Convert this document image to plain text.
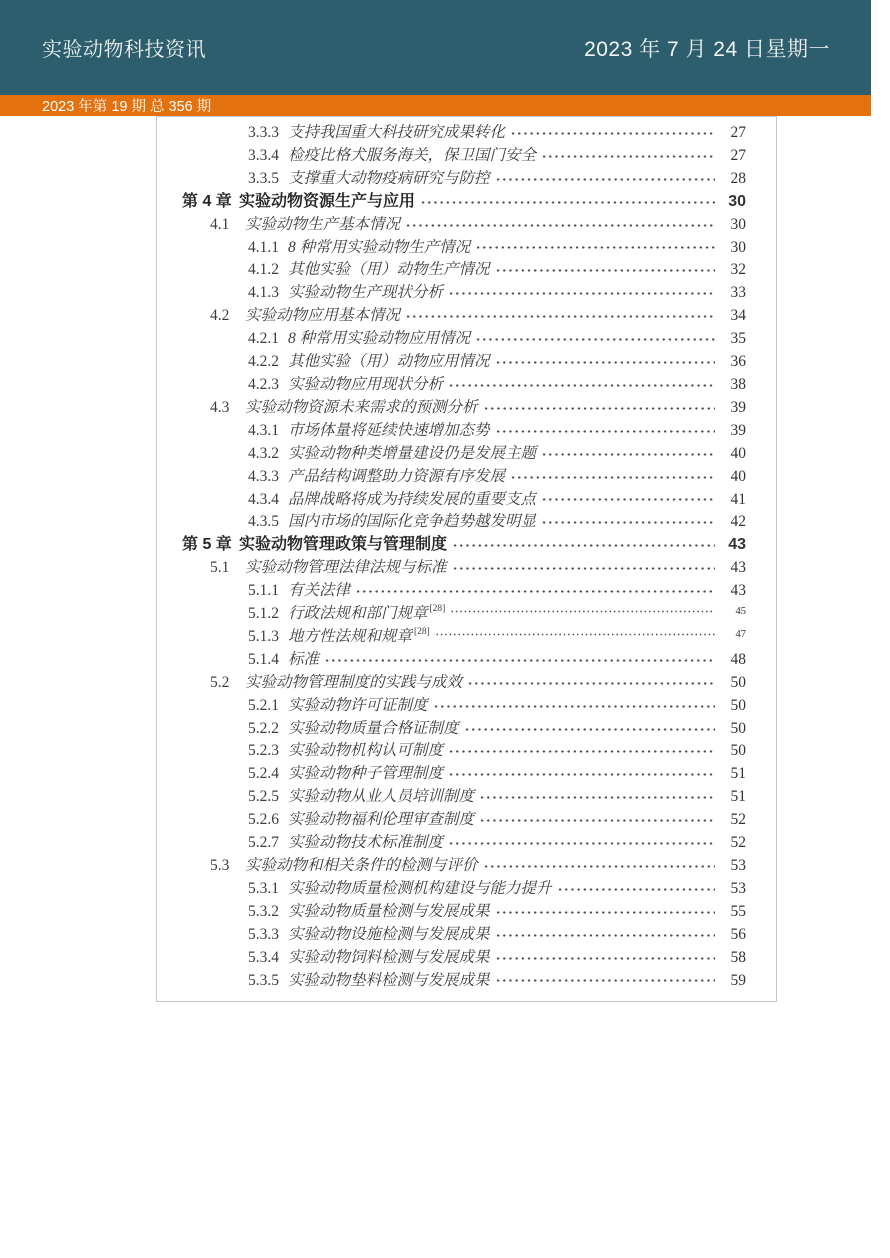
实验动物科技资讯	2023 年 7 月 24 日星期一
2023 年第 19 期 总 356 期
3.3.3 支持我国重大科技研究成果转化	27
3.3.4 检疫比格犬服务海关，保卫国门安全	27
3.3.5 支撑重大动物疫病研究与防控	28
第 4 章 实验动物资源生产与应用	30
4.1	实验动物生产基本情况	30
4.1.1 8 种常用实验动物生产情况	30
4.1.2 其他实验（用）动物生产情况	32
4.1.3 实验动物生产现状分析	33
4.2	实验动物应用基本情况	34
4.2.1 8 种常用实验动物应用情况	35
4.2.2 其他实验（用）动物应用情况	36
4.2.3 实验动物应用现状分析	38
4.3	实验动物资源未来需求的预测分析	39
4.3.1 市场体量将延续快速增加态势	39
4.3.2 实验动物种类增量建设仍是发展主题	40
4.3.3 产品结构调整助力资源有序发展	40
4.3.4 品牌战略将成为持续发展的重要支点	41
4.3.5 国内市场的国际化竞争趋势越发明显	42
第 5 章 实验动物管理政策与管理制度	43
5.1	实验动物管理法律法规与标准	43
5.1.1 有关法律	43
5.1.2 行政法规和部门规章 [28]	45
5.1.3 地方性法规和规章 [28]	47
5.1.4 标准	48
5.2	实验动物管理制度的实践与成效	50
5.2.1 实验动物许可证制度	50
5.2.2 实验动物质量合格证制度	50
5.2.3 实验动物机构认可制度	50
5.2.4 实验动物种子管理制度	51
5.2.5 实验动物从业人员培训制度	51
5.2.6 实验动物福利伦理审查制度	52
5.2.7 实验动物技术标准制度	52
5.3	实验动物和相关条件的检测与评价	53
5.3.1 实验动物质量检测机构建设与能力提升	53
5.3.2 实验动物质量检测与发展成果	55
5.3.3 实验动物设施检测与发展成果	56
5.3.4 实验动物饲料检测与发展成果	58
5.3.5 实验动物垫料检测与发展成果	59
